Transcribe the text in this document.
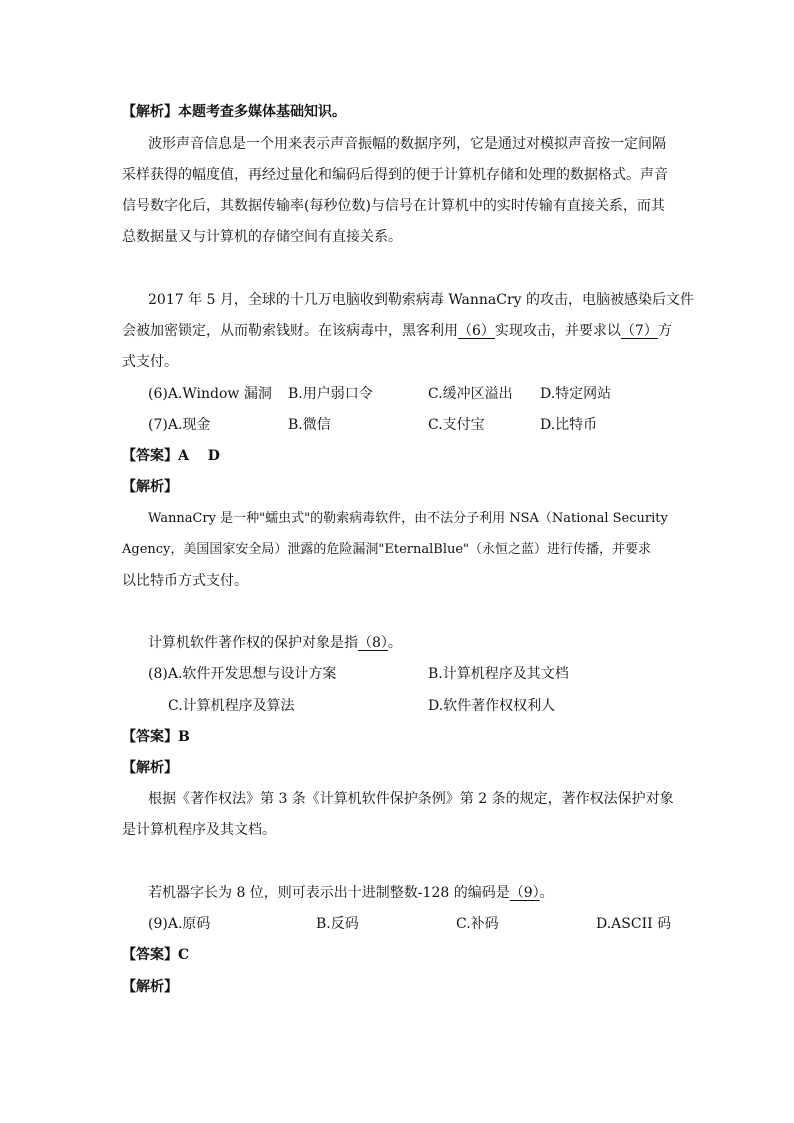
【解析】本题考查多媒体基础知识。
波形声音信息是一个用来表示声音振幅的数据序列，它是通过对模拟声音按一定间隔
采样获得的幅度值，再经过量化和编码后得到的便于计算机存储和处理的数据格式。声音
信号数字化后，其数据传输率(每秒位数)与信号在计算机中的实时传输有直接关系，而其
总数据量又与计算机的存储空间有直接关系。
2017 年 5 月，全球的十几万电脑收到勒索病毒 WannaCry 的攻击，电脑被感染后文件
会被加密锁定，从而勒索钱财。在该病毒中，黑客利用（6）实现攻击，并要求以（7）方
式支付。
(6)A.Window 漏洞 B.用户弱口令	C.缓冲区溢出 D.特定网站
(7)A.现金	B.微信	C.支付宝	D.比特币
【答案】A　 D
【解析】
WannaCry 是一种"蠕虫式"的勒索病毒软件，由不法分子利用 NSA（National Security
Agency，美国国家安全局）泄露的危险漏洞"EternalBlue"（永恒之蓝）进行传播，并要求
以比特币方式支付。
计算机软件著作权的保护对象是指（8）。
(8)A.软件开发思想与设计方案	B.计算机程序及其文档
C.计算机程序及算法	D.软件著作权权利人
【答案】B
【解析】
根据《著作权法》第 3 条《计算机软件保护条例》第 2 条的规定，著作权法保护对象
是计算机程序及其文档。
若机器字长为 8 位，则可表示出十进制整数-128 的编码是（9）。
(9)A.原码	B.反码	C.补码	D.ASCII 码
【答案】C
【解析】
